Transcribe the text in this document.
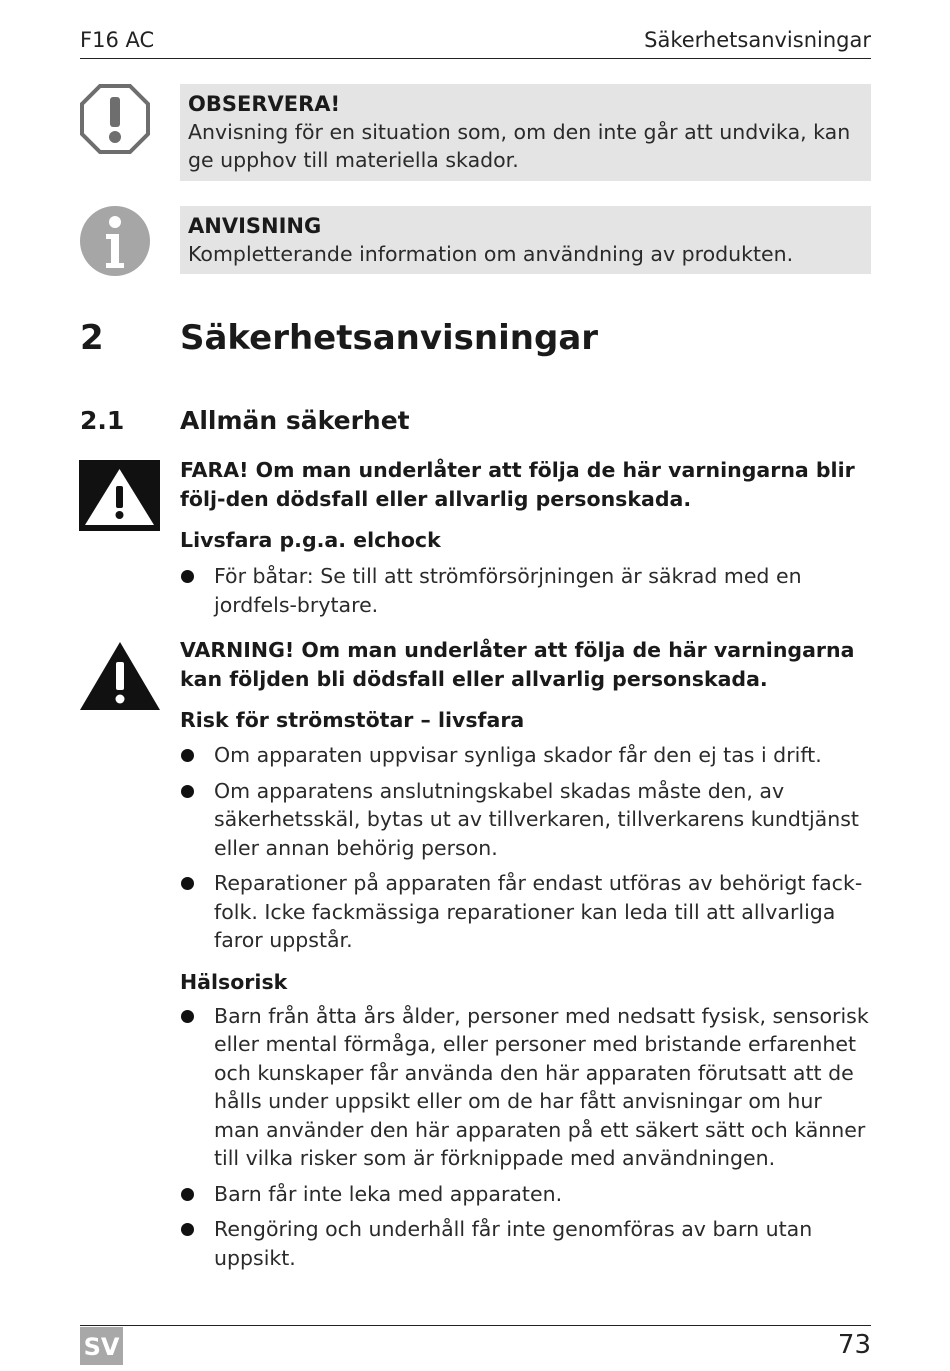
F16 AC	Säkerhetsanvisningar
OBSERVERA!
Anvisning för en situation som, om den inte går att undvika, kan ge upphov till materiella skador.
ANVISNING
Kompletterande information om användning av produkten.
2 Säkerhetsanvisningar
2.1 Allmän säkerhet
FARA! Om man underlåter att följa de här varningarna blir följ-den dödsfall eller allvarlig personskada.
Livsfara p.g.a. elchock
För båtar: Se till att strömförsörjningen är säkrad med en jordfels-brytare.
VARNING! Om man underlåter att följa de här varningarna kan följden bli dödsfall eller allvarlig personskada.
Risk för strömstötar – livsfara
Om apparaten uppvisar synliga skador får den ej tas i drift.
Om apparatens anslutningskabel skadas måste den, av säkerhetsskäl, bytas ut av tillverkaren, tillverkarens kundtjänst eller annan behörig person.
Reparationer på apparaten får endast utföras av behörigt fack-folk. Icke fackmässiga reparationer kan leda till att allvarliga faror uppstår.
Hälsorisk
Barn från åtta års ålder, personer med nedsatt fysisk, sensorisk eller mental förmåga, eller personer med bristande erfarenhet och kunskaper får använda den här apparaten förutsatt att de hålls under uppsikt eller om de har fått anvisningar om hur man använder den här apparaten på ett säkert sätt och känner till vilka risker som är förknippade med användningen.
Barn får inte leka med apparaten.
Rengöring och underhåll får inte genomföras av barn utan uppsikt.
SV	73
